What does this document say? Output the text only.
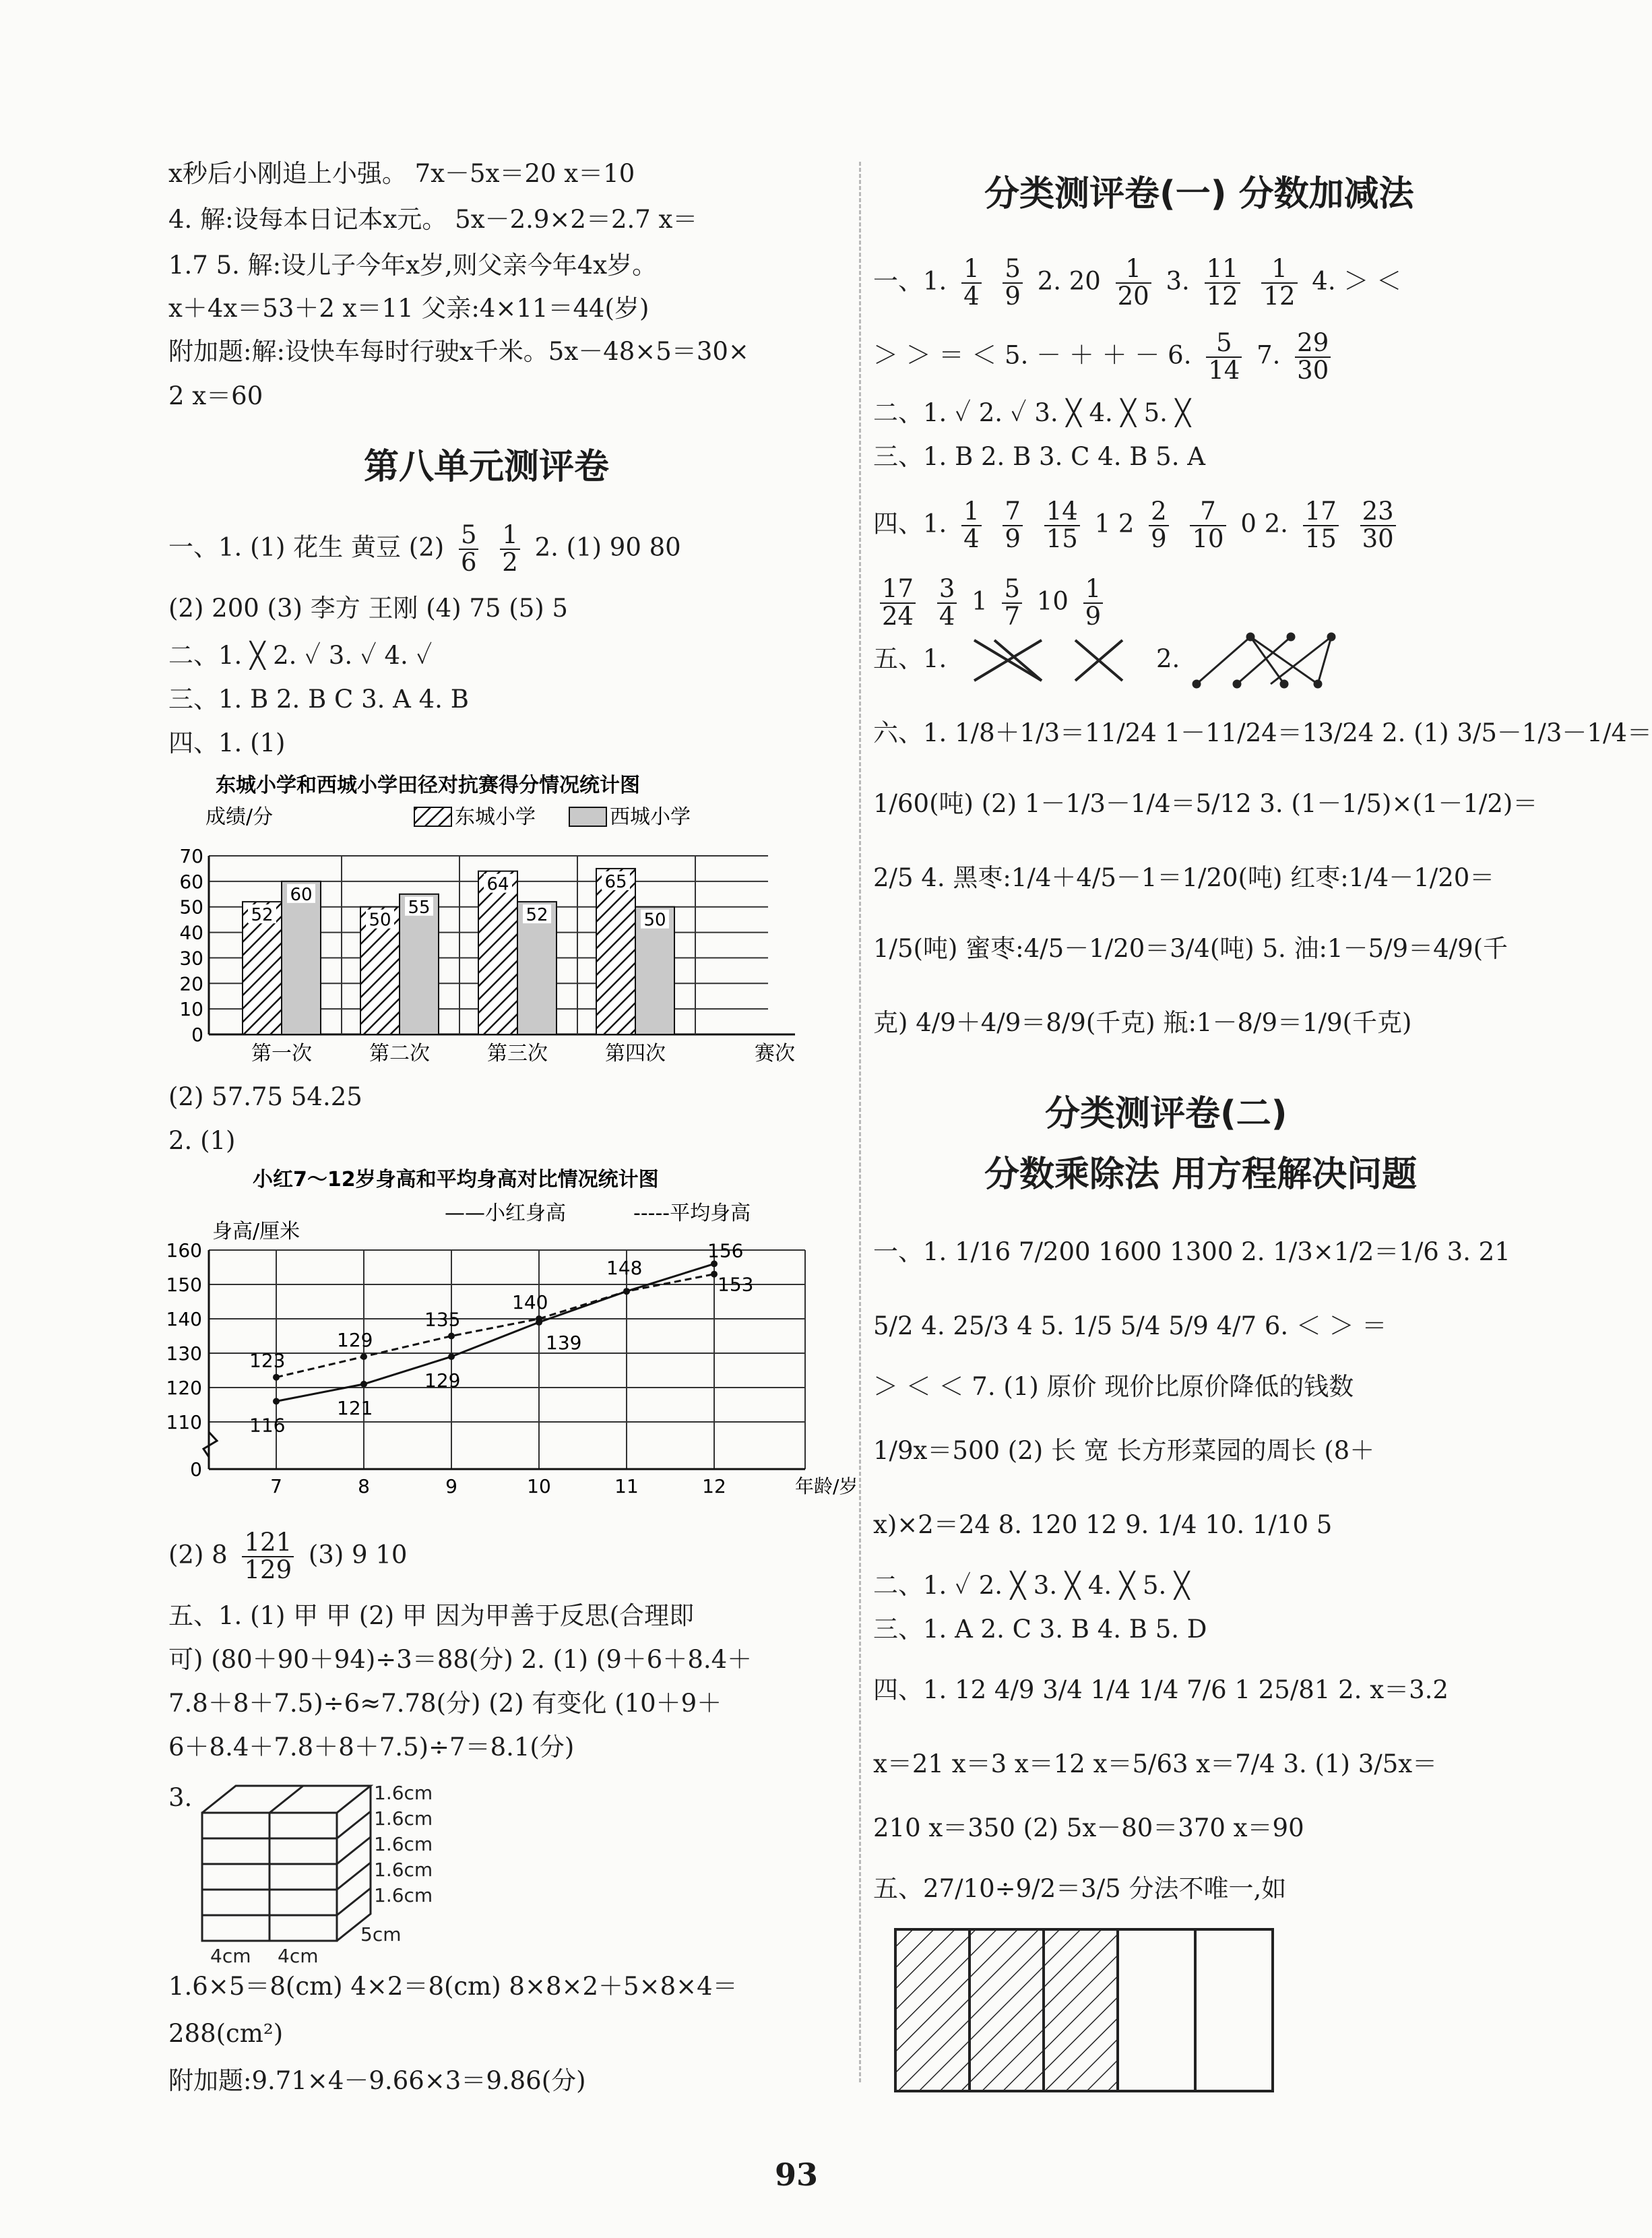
x秒后小刚追上小强。 7x－5x＝20 x＝10
4. 解:设每本日记本x元。 5x－2.9×2＝2.7 x＝
1.7 5. 解:设儿子今年x岁,则父亲今年4x岁。
x＋4x＝53＋2 x＝11 父亲:4×11＝44(岁)
附加题:解:设快车每时行驶x千米。5x－48×5＝30×
2 x＝60
第八单元测评卷
一、1. (1) 花生 黄豆 $(2) \frac{5}{6}$
$\frac{1}{2} 2$. (1) 90 80
(2) 200 (3) 李方 王刚 (4) 75 (5) 5
二、1. ╳ 2. ✓ 3. ✓ 4. ✓
三、1. B 2. B C 3. A 4. B
四、1. (1)
东城小学和西城小学田径对抗赛得分情况统计图
成绩/分	东城小学	西城小学
0
10
20
30
40
50
60
70
52
60
第一次
50
55
第二次
64
52
第三次
65
50
第四次	赛次
(2) 57.75 54.25
2. (1)
小红7～12岁身高和平均身高对比情况统计图
身高/厘米
——小红身高	-----平均身高
0
110
120
130
140
150
160
7	8	9	10	11	12	年龄/岁
116
121
129
139
148
156
123
129
135
140
153
(2) $8 \frac{121}{129} (3)$ 9 10
五、1. (1) 甲 甲 (2) 甲 因为甲善于反思(合理即
可) (80＋90＋94)÷3＝88(分) 2. (1) (9＋6＋8.4＋
7.8＋8＋7.5)÷6≈7.78(分) (2) 有变化 (10＋9＋
6＋8.4＋7.8＋8＋7.5)÷7＝8.1(分)
3.	1.6cm
1.6cm
1.6cm
1.6cm
1.6cm
5cm
4cm 4cm
1.6×5＝8(cm) 4×2＝8(cm) 8×8×2＋5×8×4＝
288(cm²)
附加题:9.71×4－9.66×3＝9.86(分)
分类测评卷(一) 分数加减法
一、1. $\frac{1}{4}$
$\frac{5}{9} 2$. $20 \frac{1}{20} 3$. $\frac{11}{12}$
$\frac{1}{12} 4$. ＞ ＜
＞ ＞ ＝ ＜ 5. － ＋ ＋ － 6. $\frac{5}{14} 7$. $\frac{29}{30}$
二、1. ✓ 2. ✓ 3. ╳ 4. ╳ 5. ╳
三、1. B 2. B 3. C 4. B 5. A
四、1. $\frac{1}{4}$
$\frac{7}{9}$
$\frac{14}{15} 1$ $2 \frac{2}{9}$
$\frac{7}{10} 0$ 2. $\frac{17}{15}$
$\frac{23}{30}$
$\frac{17}{24}$
$\frac{3}{4} 1 \frac{5}{7} 10 \frac{1}{9}$
五、1.	2.
六、1. 1/8＋1/3＝11/24 1－11/24＝13/24 2. (1) 3/5－1/3－1/4＝
1/60(吨) (2) 1－1/3－1/4＝5/12 3. (1－1/5)×(1－1/2)＝
2/5 4. 黑枣:1/4＋4/5－1＝1/20(吨) 红枣:1/4－1/20＝
1/5(吨) 蜜枣:4/5－1/20＝3/4(吨) 5. 油:1－5/9＝4/9(千
克) 4/9＋4/9＝8/9(千克) 瓶:1－8/9＝1/9(千克)
分类测评卷(二)
分数乘除法 用方程解决问题
一、1. 1/16 7/200 1600 1300 2. 1/3×1/2＝1/6 3. 21
5/2 4. 25/3 4 5. 1/5 5/4 5/9 4/7 6. ＜ ＞ ＝
＞ ＜ ＜ 7. (1) 原价 现价比原价降低的钱数
1/9x＝500 (2) 长 宽 长方形菜园的周长 (8＋
x)×2＝24 8. 120 12 9. 1/4 10. 1/10 5
二、1. ✓ 2. ╳ 3. ╳ 4. ╳ 5. ╳
三、1. A 2. C 3. B 4. B 5. D
四、1. 12 4/9 3/4 1/4 1/4 7/6 1 25/81 2. x＝3.2
x＝21 x＝3 x＝12 x＝5/63 x＝7/4 3. (1) 3/5x＝
210 x＝350 (2) 5x－80＝370 x＝90
五、27/10÷9/2＝3/5 分法不唯一,如
93
